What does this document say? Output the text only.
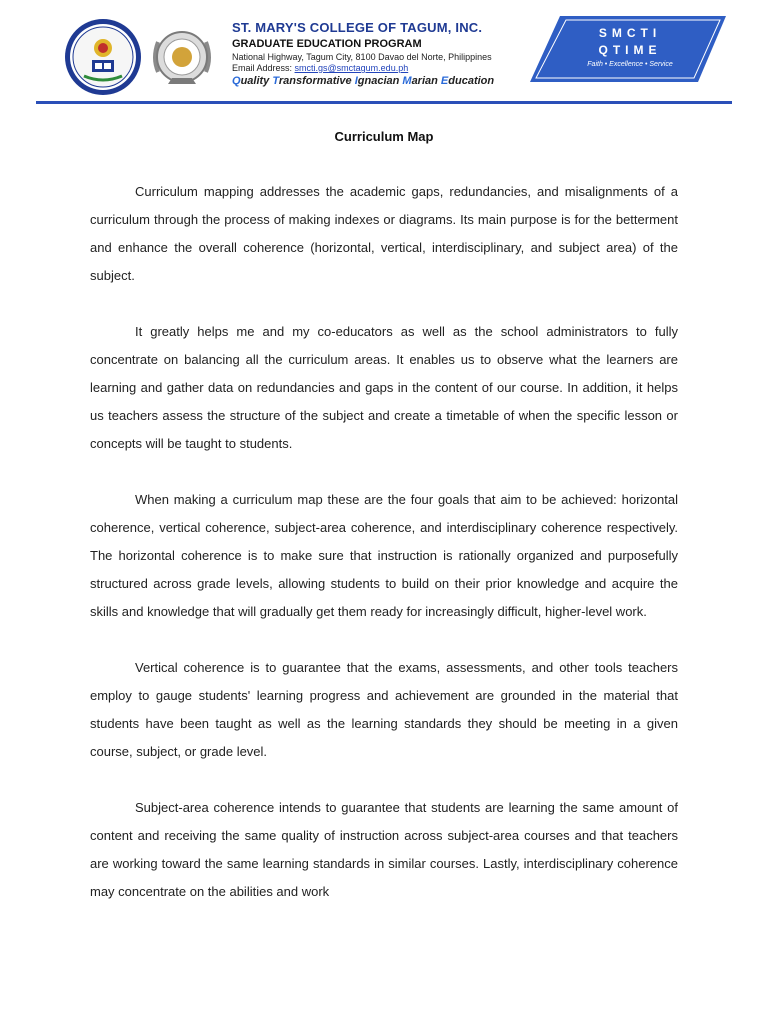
ST. MARY'S COLLEGE OF TAGUM, INC.
GRADUATE EDUCATION PROGRAM
National Highway, Tagum City, 8100 Davao del Norte, Philippines
Email Address: smcti.gs@smctagum.edu.ph
Quality Transformative Ignacian Marian Education
SMCTI
QTIME
Faith • Excellence • Service
Curriculum Map

Curriculum mapping addresses the academic gaps, redundancies, and misalignments of a curriculum through the process of making indexes or diagrams. Its main purpose is for the betterment and enhance the overall coherence (horizontal, vertical, interdisciplinary, and subject area) of the subject.

It greatly helps me and my co-educators as well as the school administrators to fully concentrate on balancing all the curriculum areas. It enables us to observe what the learners are learning and gather data on redundancies and gaps in the content of our course. In addition, it helps us teachers assess the structure of the subject and create a timetable of when the specific lesson or concepts will be taught to students.

When making a curriculum map these are the four goals that aim to be achieved: horizontal coherence, vertical coherence, subject-area coherence, and interdisciplinary coherence respectively. The horizontal coherence is to make sure that instruction is rationally organized and purposefully structured across grade levels, allowing students to build on their prior knowledge and acquire the skills and knowledge that will gradually get them ready for increasingly difficult, higher-level work.

Vertical coherence is to guarantee that the exams, assessments, and other tools teachers employ to gauge students' learning progress and achievement are grounded in the material that students have been taught as well as the learning standards they should be meeting in a given course, subject, or grade level.

Subject-area coherence intends to guarantee that students are learning the same amount of content and receiving the same quality of instruction across subject-area courses and that teachers are working toward the same learning standards in similar courses. Lastly, interdisciplinary coherence may concentrate on the abilities and work
